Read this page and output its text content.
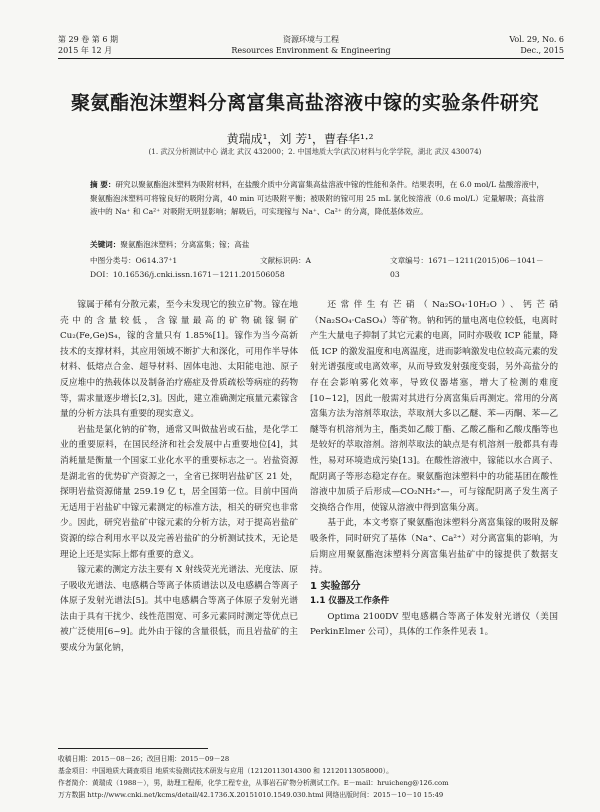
第 29 卷 第 6 期
2015 年 12 月
资源环境与工程
Resources Environment & Engineering
Vol. 29, No. 6
Dec., 2015
聚氨酯泡沫塑料分离富集高盐溶液中镓的实验条件研究
黄瑞成¹，刘 芳¹，曹春华¹·²
(1. 武汉分析测试中心 湖北 武汉 432000；2. 中国地质大学(武汉)材料与化学学院，湖北 武汉 430074)
摘 要：研究以聚氨酯泡沫塑料为吸附材料，在盐酸介质中分离富集高盐溶液中镓的性能和条件。结果表明，在 6.0 mol/L 盐酸溶液中，聚氨酯泡沫塑料可将镓良好的吸附分离，40 min 可达吸附平衡；被吸附的镓可用 25 mL 氯化铵溶液（0.6 mol/L）定量解吸；高盐溶液中的 Na⁺ 和 Ca²⁺ 对吸附无明显影响；解吸后，可实现镓与 Na⁺、Ca²⁺ 的分离，降低基体效应。
关键词：聚氨酯泡沫塑料；分离富集；镓；高盐
中图分类号：O614.37⁺1	文献标识码：A	文章编号：1671－1211(2015)06－1041－03
DOI：10.16536/j.cnki.issn.1671－1211.201506058

镓属于稀有分散元素，至今未发现它的独立矿物。镓在地壳中的含量较低，含镓量最高的矿物硫镓铜矿 Cu₂(Fe,Ge)S₄，镓的含量只有 1.85%[1]。镓作为当今高新技术的支撑材料，其应用领域不断扩大和深化，可用作半导体材料、低熔点合金、超导材料、固体电池、太阳能电池、原子反应堆中的热载体以及制备治疗癌症及骨质疏松等病症的药物等，需求量逐步增长[2,3]。因此，建立准确测定痕量元素镓含量的分析方法具有重要的现实意义。

岩盐是氯化钠的矿物，通常又叫做盐岩或石盐，是化学工业的重要原料，在国民经济和社会发展中占重要地位[4]，其消耗量是衡量一个国家工业化水平的重要标志之一。岩盐资源是湖北省的优势矿产资源之一，全省已探明岩盐矿区 21 处，探明岩盐资源储量 259.19 亿 t，居全国第一位。目前中国尚无适用于岩盐矿中镓元素测定的标准方法，相关的研究也非常少。因此，研究岩盐矿中镓元素的分析方法，对于提高岩盐矿资源的综合利用水平以及完善岩盐矿的分析测试技术，无论是理论上还是实际上都有重要的意义。

镓元素的测定方法主要有 X 射线荧光光谱法、光度法、原子吸收光谱法、电感耦合等离子体质谱法以及电感耦合等离子体原子发射光谱法[5]。其中电感耦合等离子体原子发射光谱法由于具有干扰少、线性范围宽、可多元素同时测定等优点已被广泛使用[6~9]。此外由于镓的含量很低，而且岩盐矿的主要成分为氯化钠，

还常伴生有芒硝（Na₂SO₄·10H₂O）、钙芒硝（Na₂SO₄·CaSO₄）等矿物。钠和钙的量电离电位较低，电离时产生大量电子抑制了其它元素的电离，同时亦吸收 ICP 能量，降低 ICP 的激发温度和电离温度，进而影响激发电位较高元素的发射光谱强度或电离效率，从而导致发射强度变弱，另外高盐分的存在会影响雾化效率，导致仪器堵塞，增大了检测的难度[10~12]，因此一般需对其进行分离富集后再测定。常用的分离富集方法为溶剂萃取法，萃取剂大多以乙醚、苯—丙酮、苯—乙醚等有机溶剂为主，酯类如乙酸丁酯、乙酸乙酯和乙酸戊酯等也是较好的萃取溶剂。溶剂萃取法的缺点是有机溶剂一般都具有毒性，易对环境造成污染[13]。在酸性溶液中，镓能以水合离子、配阴离子等形态稳定存在。聚氨酯泡沫塑料中的功能基团在酸性溶液中加质子后形成—CO₂NH₂⁺—，可与镓配阴离子发生离子交换络合作用，使镓从溶液中得到富集分离。

基于此，本文考察了聚氨酯泡沫塑料分离富集镓的吸附及解吸条件，同时研究了基体（Na⁺、Ca²⁺）对分离富集的影响，为后期应用聚氨酯泡沫塑料分离富集岩盐矿中的镓提供了数据支持。

1 实验部分

1.1 仪器及工作条件

Optima 2100DV 型电感耦合等离子体发射光谱仪（美国 PerkinElmer 公司），具体的工作条件见表 1。

收稿日期：2015－08－26；改回日期：2015－09－28
基金项目：中国地质大调查项目 地质实验测试技术研发与应用（12120113014300 和 12120113058000）。
作者简介：黄瑞成（1988－），男，助理工程师，化学工程专业，从事岩石矿物分析测试工作。E－mail：hruicheng@126.com
万方数据 http://www.cnki.net/kcms/detail/42.1736.X.20151010.1549.030.html 网络出版时间：2015－10－10 15:49
